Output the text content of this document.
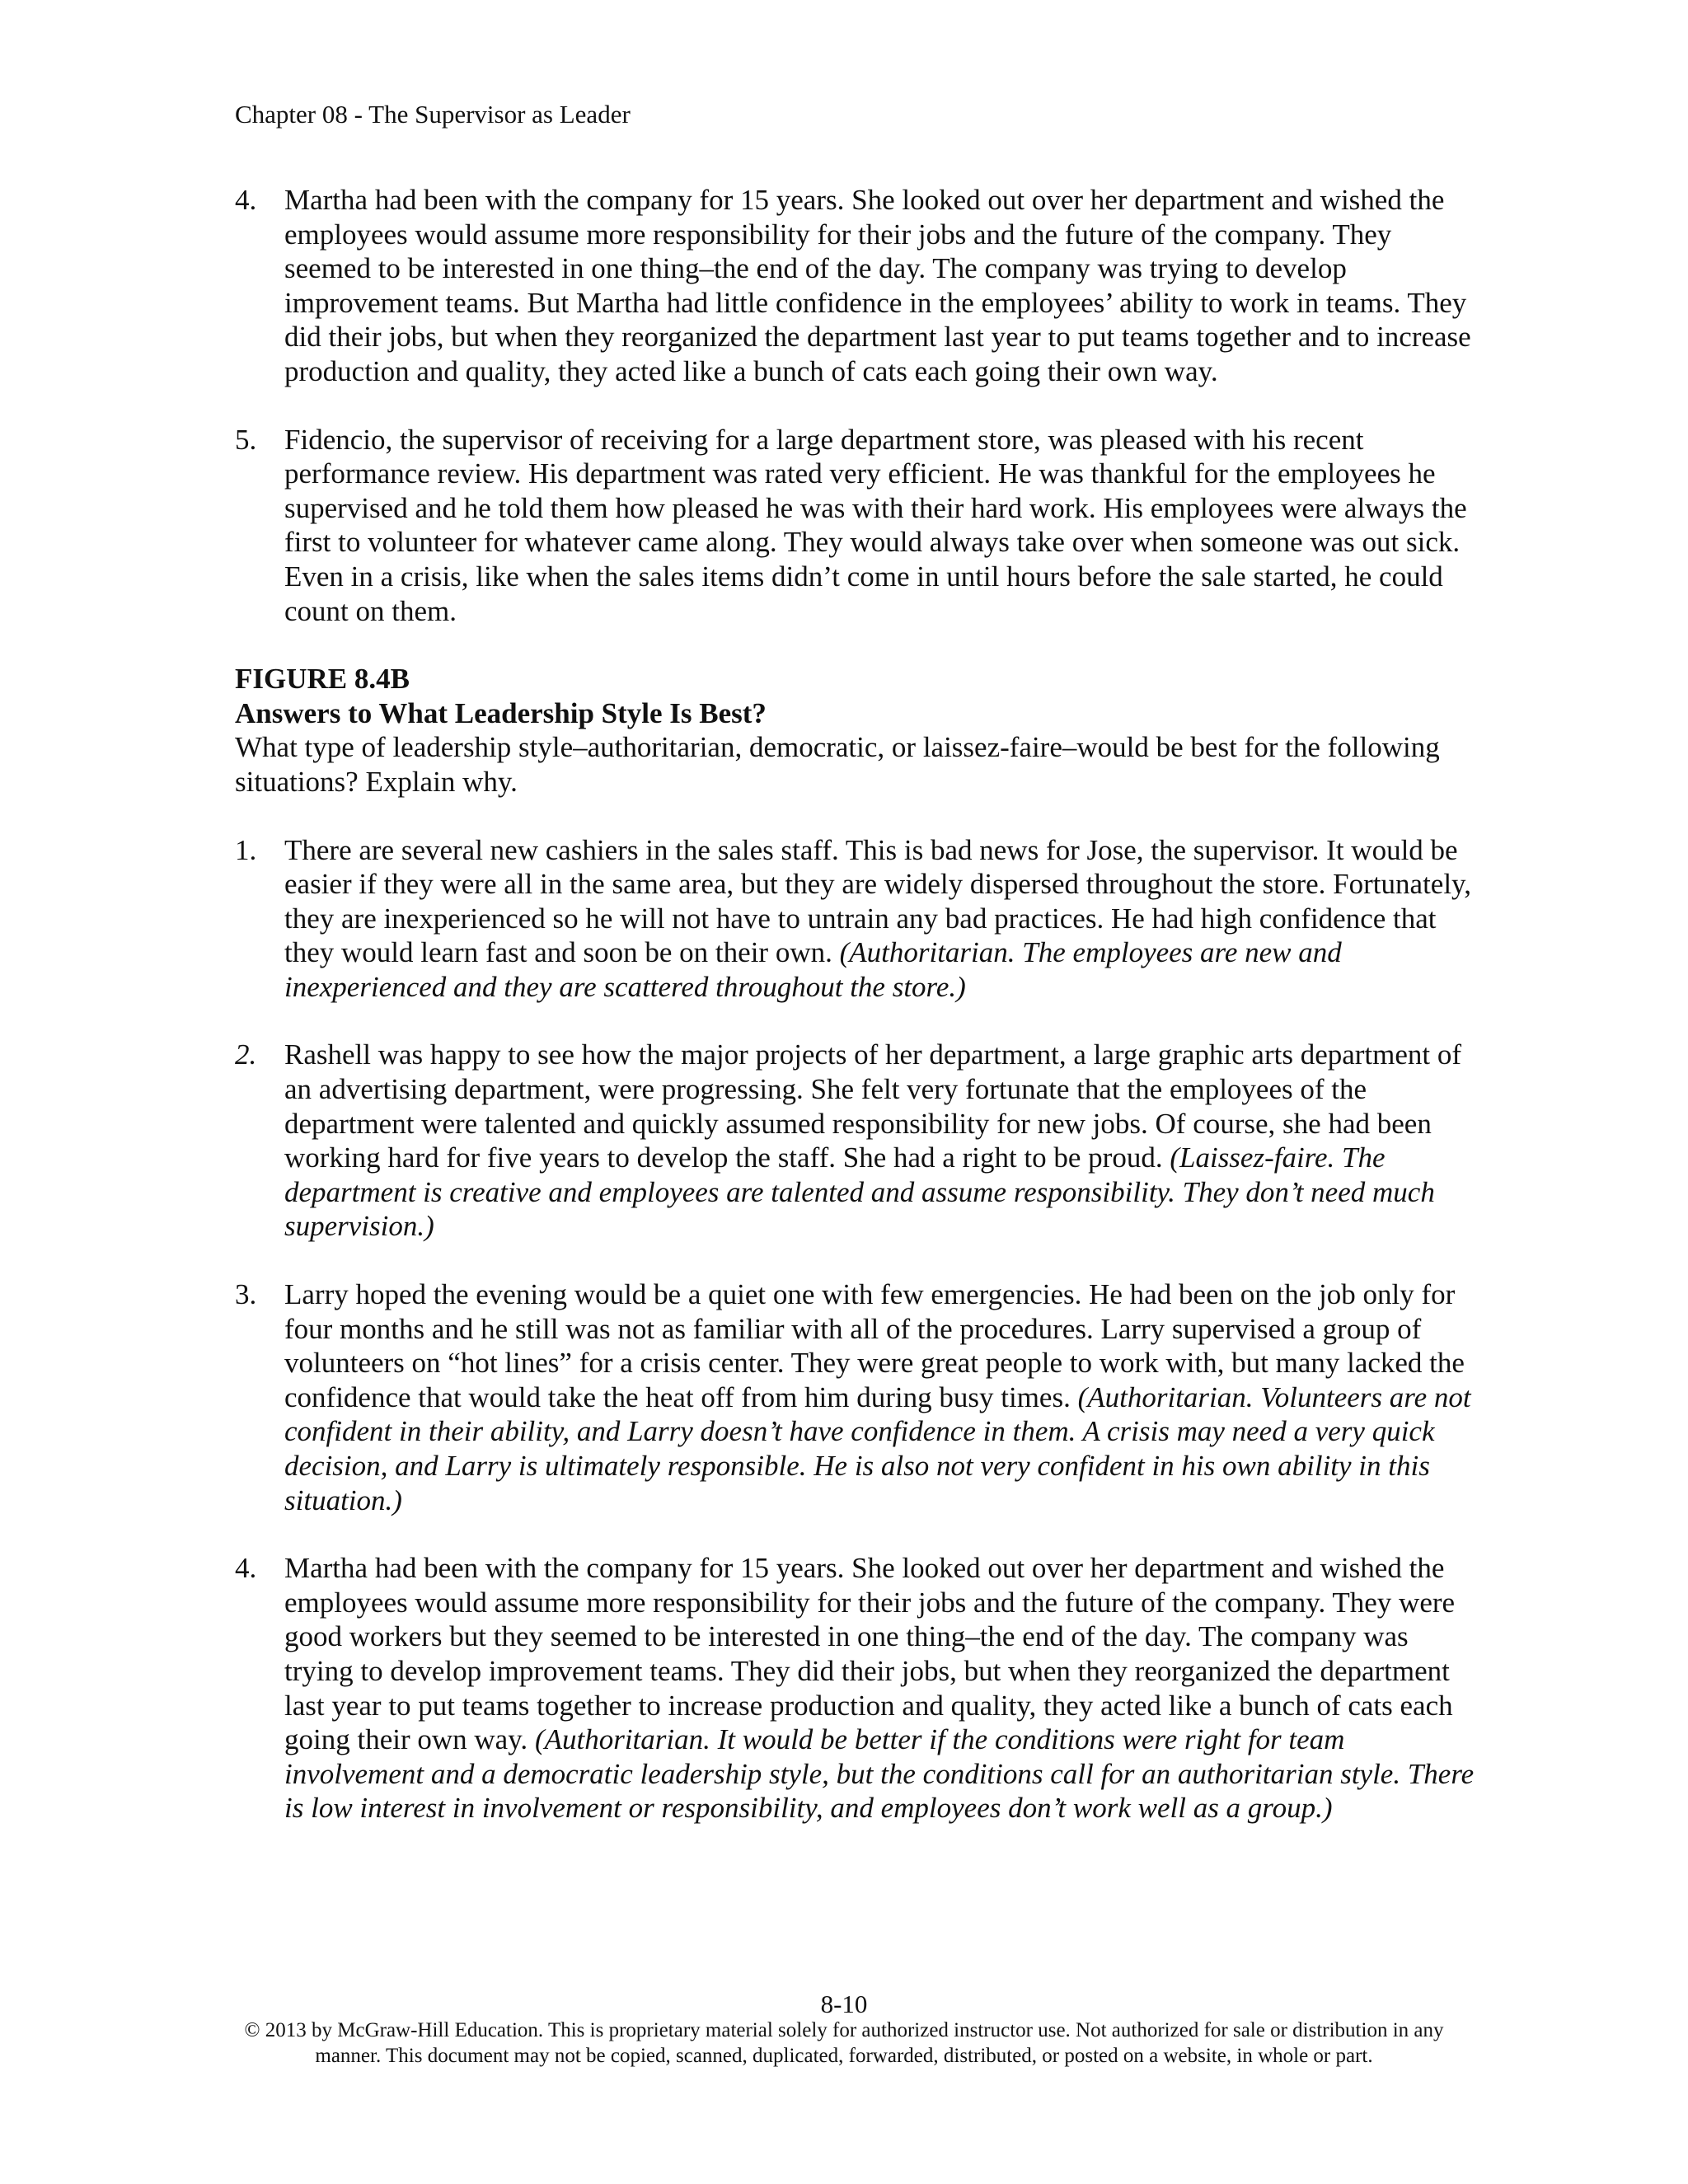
Chapter 08 - The Supervisor as Leader
4. Martha had been with the company for 15 years. She looked out over her department and wished the employees would assume more responsibility for their jobs and the future of the company. They seemed to be interested in one thing–the end of the day. The company was trying to develop improvement teams. But Martha had little confidence in the employees’ ability to work in teams. They did their jobs, but when they reorganized the department last year to put teams together and to increase production and quality, they acted like a bunch of cats each going their own way.
5. Fidencio, the supervisor of receiving for a large department store, was pleased with his recent performance review. His department was rated very efficient. He was thankful for the employees he supervised and he told them how pleased he was with their hard work. His employees were always the first to volunteer for whatever came along. They would always take over when someone was out sick. Even in a crisis, like when the sales items didn’t come in until hours before the sale started, he could count on them.

FIGURE 8.4B

Answers to What Leadership Style Is Best?

What type of leadership style–authoritarian, democratic, or laissez-faire–would be best for the following situations? Explain why.

1. There are several new cashiers in the sales staff. This is bad news for Jose, the supervisor. It would be easier if they were all in the same area, but they are widely dispersed throughout the store. Fortunately, they are inexperienced so he will not have to untrain any bad practices. He had high confidence that they would learn fast and soon be on their own. (Authoritarian. The employees are new and inexperienced and they are scattered throughout the store.)
2. Rashell was happy to see how the major projects of her department, a large graphic arts department of an advertising department, were progressing. She felt very fortunate that the employees of the department were talented and quickly assumed responsibility for new jobs. Of course, she had been working hard for five years to develop the staff. She had a right to be proud. (Laissez-faire. The department is creative and employees are talented and assume responsibility. They don’t need much supervision.)
3. Larry hoped the evening would be a quiet one with few emergencies. He had been on the job only for four months and he still was not as familiar with all of the procedures. Larry supervised a group of volunteers on “hot lines” for a crisis center. They were great people to work with, but many lacked the confidence that would take the heat off from him during busy times. (Authoritarian. Volunteers are not confident in their ability, and Larry doesn’t have confidence in them. A crisis may need a very quick decision, and Larry is ultimately responsible. He is also not very confident in his own ability in this situation.)
4. Martha had been with the company for 15 years. She looked out over her department and wished the employees would assume more responsibility for their jobs and the future of the company. They were good workers but they seemed to be interested in one thing–the end of the day. The company was trying to develop improvement teams. They did their jobs, but when they reorganized the department last year to put teams together to increase production and quality, they acted like a bunch of cats each going their own way. (Authoritarian. It would be better if the conditions were right for team involvement and a democratic leadership style, but the conditions call for an authoritarian style. There is low interest in involvement or responsibility, and employees don’t work well as a group.)
8-10
© 2013 by McGraw-Hill Education. This is proprietary material solely for authorized instructor use. Not authorized for sale or distribution in any manner. This document may not be copied, scanned, duplicated, forwarded, distributed, or posted on a website, in whole or part.
